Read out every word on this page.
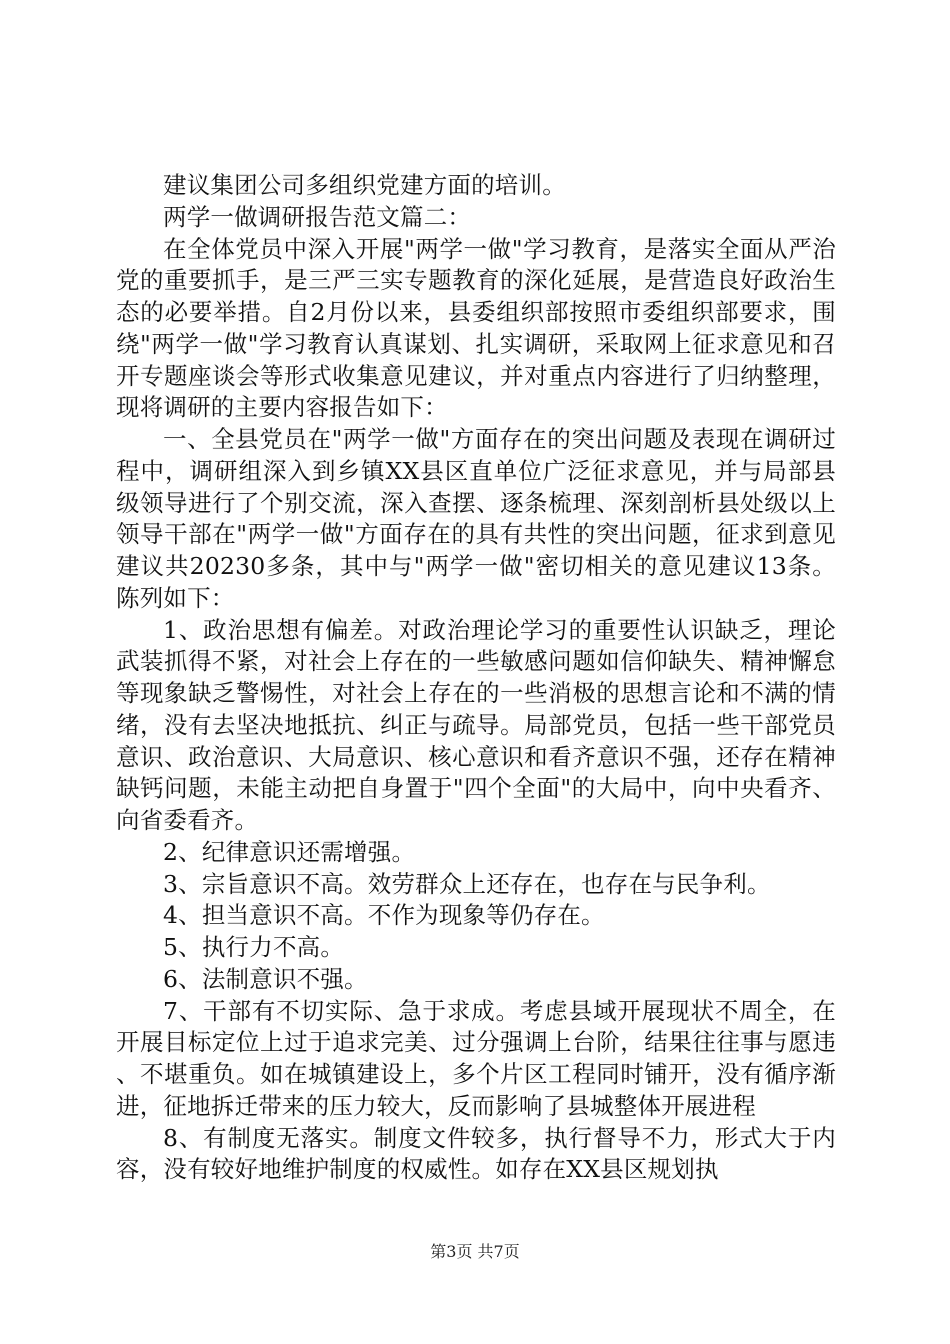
建议集团公司多组织党建方面的培训。

两学一做调研报告范文篇二：

在全体党员中深入开展"两学一做"学习教育，是落实全面从严治党的重要抓手，是三严三实专题教育的深化延展，是营造良好政治生态的必要举措。自2月份以来，县委组织部按照市委组织部要求，围绕"两学一做"学习教育认真谋划、扎实调研，采取网上征求意见和召开专题座谈会等形式收集意见建议，并对重点内容进行了归纳整理，现将调研的主要内容报告如下：

一、全县党员在"两学一做"方面存在的突出问题及表现在调研过程中，调研组深入到乡镇XX县区直单位广泛征求意见，并与局部县级领导进行了个别交流，深入查摆、逐条梳理、深刻剖析县处级以上领导干部在"两学一做"方面存在的具有共性的突出问题，征求到意见建议共20230多条，其中与"两学一做"密切相关的意见建议13条。陈列如下：

1、政治思想有偏差。对政治理论学习的重要性认识缺乏，理论武装抓得不紧，对社会上存在的一些敏感问题如信仰缺失、精神懈怠等现象缺乏警惕性，对社会上存在的一些消极的思想言论和不满的情绪，没有去坚决地抵抗、纠正与疏导。局部党员，包括一些干部党员意识、政治意识、大局意识、核心意识和看齐意识不强，还存在精神缺钙问题，未能主动把自身置于"四个全面"的大局中，向中央看齐、向省委看齐。

2、纪律意识还需增强。

3、宗旨意识不高。效劳群众上还存在，也存在与民争利。

4、担当意识不高。不作为现象等仍存在。

5、执行力不高。

6、法制意识不强。

7、干部有不切实际、急于求成。考虑县域开展现状不周全，在开展目标定位上过于追求完美、过分强调上台阶，结果往往事与愿违、不堪重负。如在城镇建设上，多个片区工程同时铺开，没有循序渐进，征地拆迁带来的压力较大，反而影响了县城整体开展进程

8、有制度无落实。制度文件较多，执行督导不力，形式大于内容，没有较好地维护制度的权威性。如存在XX县区规划执

第3页 共7页
